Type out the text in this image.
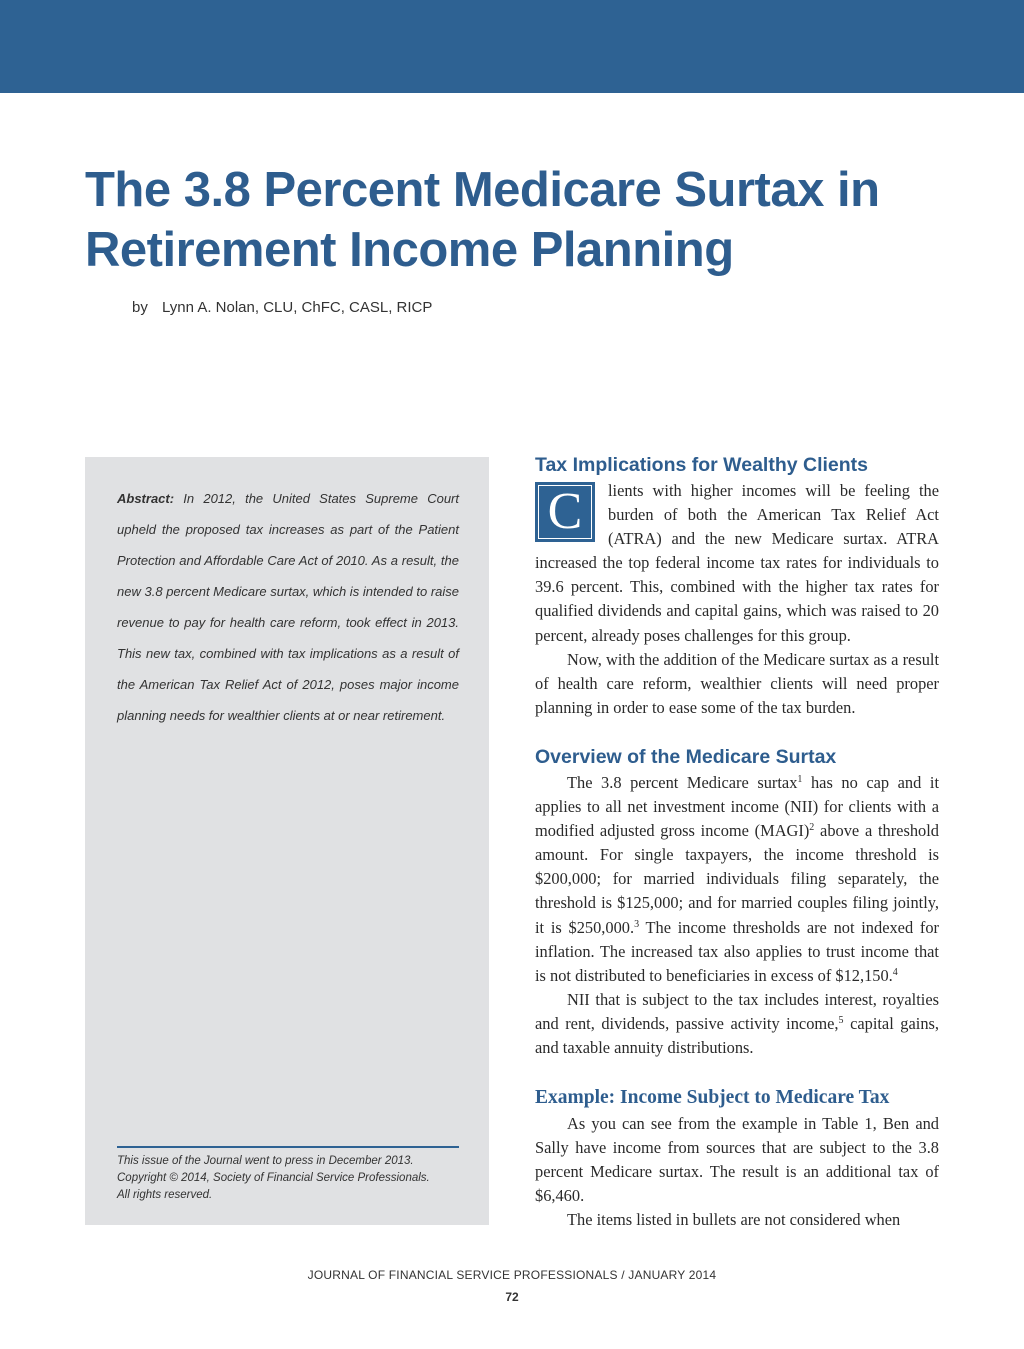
The 3.8 Percent Medicare Surtax in
Retirement Income Planning
by Lynn A. Nolan, CLU, ChFC, CASL, RICP

Abstract: In 2012, the United States Supreme Court upheld the proposed tax increases as part of the Patient Protection and Affordable Care Act of 2010. As a result, the new 3.8 percent Medicare surtax, which is intended to raise revenue to pay for health care reform, took effect in 2013. This new tax, combined with tax implications as a result of the American Tax Relief Act of 2012, poses major income planning needs for wealthier clients at or near retirement.

This issue of the Journal went to press in December 2013.
Copyright © 2014, Society of Financial Service Professionals.
All rights reserved.

Tax Implications for Wealthy Clients

C	lients with higher incomes will be feeling the burden of both the American Tax Relief Act (ATRA) and the new Medicare surtax. ATRA increased the top federal income tax rates for individuals to 39.6 percent. This, combined with the higher tax rates for qualified dividends and capital gains, which was raised to 20 percent, already poses challenges for this group.

Now, with the addition of the Medicare surtax as a result of health care reform, wealthier clients will need proper planning in order to ease some of the tax burden.

Overview of the Medicare Surtax

The 3.8 percent Medicare surtax$^1$ has no cap and it applies to all net investment income (NII) for clients with a modified adjusted gross income (MAGI)$^2$ above a threshold amount. For single taxpayers, the income threshold is $200,000; for married individuals filing separately, the threshold is $125,000; and for married couples filing jointly, it is $250,000.$^3$ The income thresholds are not indexed for inflation. The increased tax also applies to trust income that is not distributed to beneficiaries in excess of $12,150.$^4$

NII that is subject to the tax includes interest, royalties and rent, dividends, passive activity income,$^5$ capital gains, and taxable annuity distributions.

Example: Income Subject to Medicare Tax

As you can see from the example in Table 1, Ben and Sally have income from sources that are subject to the 3.8 percent Medicare surtax. The result is an additional tax of $6,460.

The items listed in bullets are not considered when

JOURNAL OF FINANCIAL SERVICE PROFESSIONALS / JANUARY 2014
72
